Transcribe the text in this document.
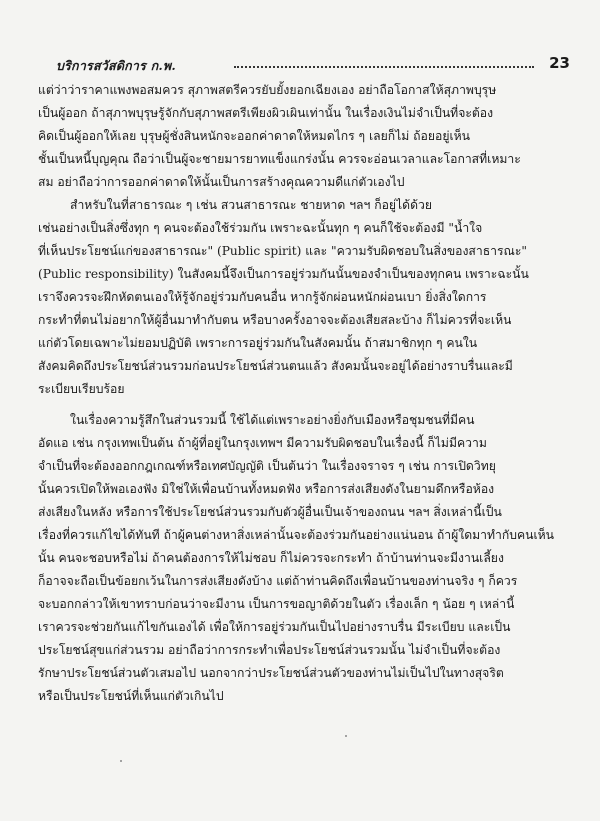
บริการสวัสดิการ ก.พ.	23
แต่ว่าว่าราคาแพงพอสมควร สุภาพสตรีควรยับยั้งยอกเฉียงเอง อย่าถือโอกาสให้สุภาพบุรุษ
เป็นผู้ออก ถ้าสุภาพบุรุษรู้จักกับสุภาพสตรีเพียงผิวเผินเท่านั้น ในเรื่องเงินไม่จำเป็นที่จะต้อง
คิดเป็นผู้ออกให้เลย บุรุษผู้ชั่งสินหนักจะออกค่าดาดให้หมดไกร ๆ เลยก็ไม่ ถ้อยอยู่เห็น
ชั้นเป็นหนี้บุญคุณ ถือว่าเป็นผู้จะชายมารยาทแข็งแกร่งนั้น ควรจะอ่อนเวลาและโอกาสที่เหมาะ
สม อย่าถือว่าการออกค่าดาดให้นั้นเป็นการสร้างคุณความดีแก่ตัวเองไป
สำหรับในที่สาธารณะ ๆ เช่น สวนสาธารณะ ชายหาด ฯลฯ ก็อยู่ได้ด้วย
เช่นอย่างเป็นสิ่งซึ่งทุก ๆ คนจะต้องใช้ร่วมกัน เพราะฉะนั้นทุก ๆ คนก็ใช้จะต้องมี "น้ำใจ
ที่เห็นประโยชน์แก่ของสาธารณะ" (Public spirit) และ "ความรับผิดชอบในสิ่งของสาธารณะ"
(Public responsibility) ในสังคมนี้จึงเป็นการอยู่ร่วมกันนั้นของจำเป็นของทุกคน เพราะฉะนั้น
เราจึงควรจะฝึกหัดตนเองให้รู้จักอยู่ร่วมกับคนอื่น หากรู้จักผ่อนหนักผ่อนเบา ยิ่งสิ่งใดการ
กระทำที่ตนไม่อยากให้ผู้อื่นมาทำกับตน หรือบางครั้งอาจจะต้องเสียสละบ้าง ก็ไม่ควรที่จะเห็น
แก่ตัวโดยเฉพาะไม่ยอมปฏิบัติ เพราะการอยู่ร่วมกันในสังคมนั้น ถ้าสมาชิกทุก ๆ คนใน
สังคมคิดถึงประโยชน์ส่วนรวมก่อนประโยชน์ส่วนตนแล้ว สังคมนั้นจะอยู่ได้อย่างราบรื่นและมี
ระเบียบเรียบร้อย
ในเรื่องความรู้สึกในส่วนรวมนี้ ใช้ได้แต่เพราะอย่างยิ่งกับเมืองหรือชุมชนที่มีคน
อัดแอ เช่น กรุงเทพเป็นต้น ถ้าผู้ที่อยู่ในกรุงเทพฯ มีความรับผิดชอบในเรื่องนี้ ก็ไม่มีความ
จำเป็นที่จะต้องออกกฎเกณฑ์หรือเทศบัญญัติ เป็นต้นว่า ในเรื่องจราจร ๆ เช่น การเปิดวิทยุ
นั้นควรเปิดให้พอเองฟัง มิใช่ให้เพื่อนบ้านทั้งหมดฟัง หรือการส่งเสียงดังในยามดึกหรือห้อง
ส่งเสียงในหลัง หรือการใช้ประโยชน์ส่วนรวมกับตัวผู้อื่นเป็นเจ้าของถนน ฯลฯ สิ่งเหล่านี้เป็น
เรื่องที่ควรแก้ไขได้ทันที ถ้าผู้คนต่างหาสิ่งเหล่านั้นจะต้องร่วมกันอย่างแน่นอน ถ้าผู้ใดมาทำกับคนเห็น
นั้น คนจะชอบหรือไม่ ถ้าคนต้องการให้ไม่ชอบ ก็ไม่ควรจะกระทำ ถ้าบ้านท่านจะมีงานเลี้ยง
ก็อาจจะถือเป็นข้อยกเว้นในการส่งเสียงดังบ้าง แต่ถ้าท่านคิดถึงเพื่อนบ้านของท่านจริง ๆ ก็ควร
จะบอกกล่าวให้เขาทราบก่อนว่าจะมีงาน เป็นการขอญาติด้วยในตัว เรื่องเล็ก ๆ น้อย ๆ เหล่านี้
เราควรจะช่วยกันแก้ไขกันเองได้ เพื่อให้การอยู่ร่วมกันเป็นไปอย่างราบรื่น มีระเบียบ และเป็น
ประโยชน์สุขแก่ส่วนรวม อย่าถือว่าการกระทำเพื่อประโยชน์ส่วนรวมนั้น ไม่จำเป็นที่จะต้อง
รักษาประโยชน์ส่วนตัวเสมอไป นอกจากว่าประโยชน์ส่วนตัวของท่านไม่เป็นไปในทางสุจริต
หรือเป็นประโยชน์ที่เห็นแก่ตัวเกินไป
